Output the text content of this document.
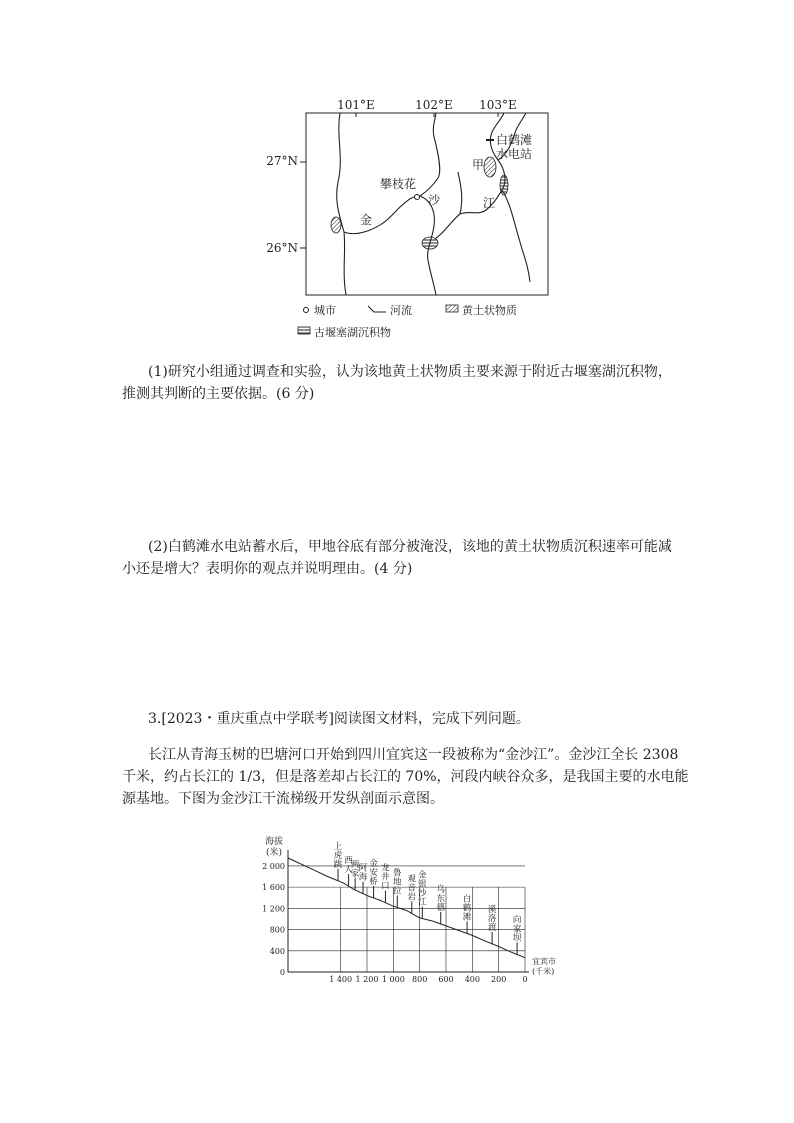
101°E	102°E 103°E
27°N
26°N
攀枝花
白鹤滩
水电站
甲
金
沙	江
城市	河流	黄土状物质
古堰塞湖沉积物
(1)研究小组通过调查和实验，认为该地黄土状物质主要来源于附近古堰塞湖沉积物，
推测其判断的主要依据。(6 分)
(2)白鹤滩水电站蓄水后，甲地谷底有部分被淹没，该地的黄土状物质沉积速率可能减
小还是增大？表明你的观点并说明理由。(4 分)
3.[2023・重庆重点中学联考]阅读图文材料，完成下列问题。
长江从青海玉树的巴塘河口开始到四川宜宾这一段被称为“金沙江”。金沙江全长 2308
千米，约占长江的 1/3，但是落差却占长江的 70%，河段内峡谷众多，是我国主要的水电能
源基地。下图为金沙江干流梯级开发纵剖面示意图。
海拔
(米)
2 000
1 600
1 200
800
400
0
1 400 1 200 1 000 800 600 400 200 0
上虎跳 西人
两家
阿海
金安桥
龙井口
鲁地拉
观音岩
金银沙江
乌东德
白鹤滩
溪洛渡
向家坝
宜宾市
(千米)
